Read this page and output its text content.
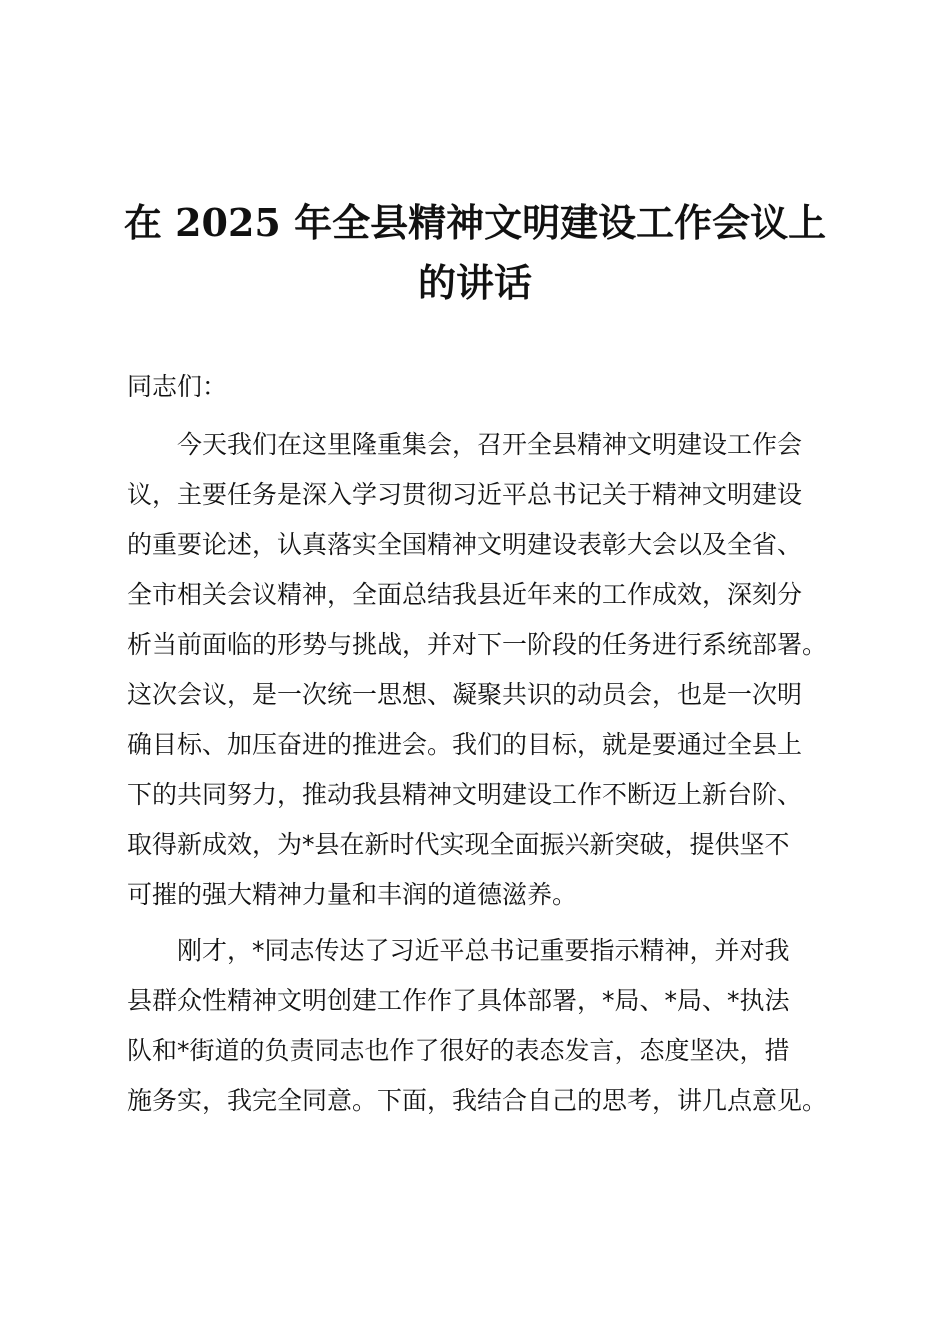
在 2025 年全县精神文明建设工作会议上
的讲话

同志们：

今天我们在这里隆重集会，召开全县精神文明建设工作会
议，主要任务是深入学习贯彻习近平总书记关于精神文明建设
的重要论述，认真落实全国精神文明建设表彰大会以及全省、
全市相关会议精神，全面总结我县近年来的工作成效，深刻分
析当前面临的形势与挑战，并对下一阶段的任务进行系统部署。
这次会议，是一次统一思想、凝聚共识的动员会，也是一次明
确目标、加压奋进的推进会。我们的目标，就是要通过全县上
下的共同努力，推动我县精神文明建设工作不断迈上新台阶、
取得新成效，为*县在新时代实现全面振兴新突破，提供坚不
可摧的强大精神力量和丰润的道德滋养。

刚才，*同志传达了习近平总书记重要指示精神，并对我
县群众性精神文明创建工作作了具体部署，*局、*局、*执法
队和*街道的负责同志也作了很好的表态发言，态度坚决，措
施务实，我完全同意。下面，我结合自己的思考，讲几点意见。
